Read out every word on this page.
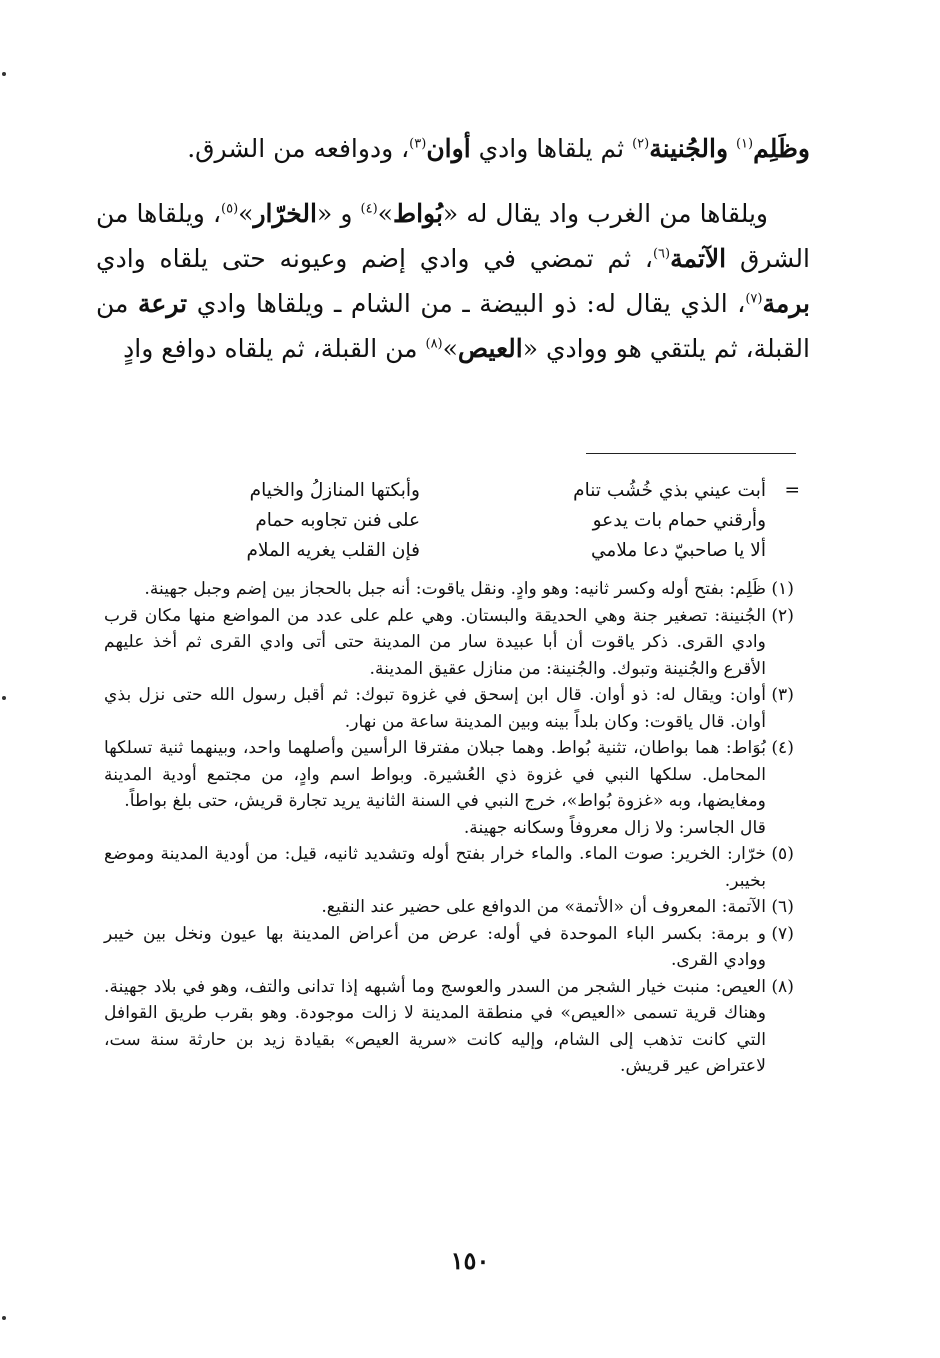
وظَلِم$^{(١)}$ والجُنينة$^{(٢)}$ ثم يلقاها وادي أوان$^{(٣)}$، ودوافعه من الشرق.

ويلقاها من الغرب واد يقال له «بُواط»$^{(٤)}$ و «الخرّار»$^{(٥)}$، ويلقاها من الشرق الآتمة$^{(٦)}$، ثم تمضي في وادي إضم وعيونه حتى يلقاه وادي برمة$^{(٧)}$، الذي يقال له: ذو البيضة ـ من الشام ـ ويلقاها وادي ترعة من القبلة، ثم يلتقي هو ووادي «العيص»$^{(٨)}$ من القبلة، ثم يلقاه دوافع وادٍ

=
أبت عيني بذي خُشُب تنام
وأبكتها المنازلُ والخيام
وأرقني حمام بات يدعو
على فنن تجاوبه حمام
ألا يا صاحبيّ دعا ملامي
فإن القلب يغريه الملام
(١)
ظَلِم: بفتح أوله وكسر ثانيه: وهو وادٍ. ونقل ياقوت: أنه جبل بالحجاز بين إضم وجبل جهينة.
(٢)
الجُنينة: تصغير جنة وهي الحديقة والبستان. وهي علم على عدد من المواضع منها مكان قرب وادي القرى. ذكر ياقوت أن أبا عبيدة سار من المدينة حتى أتى وادي القرى ثم أخذ عليهم الأقرع والجُنينة وتبوك. والجُنينة: من منازل عقيق المدينة.
(٣)
أوان: ويقال له: ذو أوان. قال ابن إسحق في غزوة تبوك: ثم أقبل رسول الله حتى نزل بذي أوان. قال ياقوت: وكان بلداً بينه وبين المدينة ساعة من نهار.
(٤)
بُوَاط: هما بواطان، تثنية بُواط. وهما جبلان مفترقا الرأسين وأصلهما واحد، وبينهما ثنية تسلكها المحامل. سلكها النبي في غزوة ذي العُشيرة. وبواط اسم وادٍ، من مجتمع أودية المدينة ومغايضها، وبه «غزوة بُواط»، خرج النبي في السنة الثانية يريد تجارة قريش، حتى بلغ بواطاً.
قال الجاسر: ولا زال معروفاً وسكانه جهينة.
(٥)
خرّار: الخرير: صوت الماء. والماء خرار بفتح أوله وتشديد ثانيه، قيل: من أودية المدينة وموضع بخيبر.
(٦)
الآتمة: المعروف أن «الأتمة» من الدوافع على حضير عند النقيع.
(٧)
و برمة: بكسر الباء الموحدة في أوله: عرض من أعراض المدينة بها عيون ونخل بين خيبر ووادي القرى.
(٨)
العيص: منبت خيار الشجر من السدر والعوسج وما أشبهه إذا تدانى والتف، وهو في بلاد جهينة. وهناك قرية تسمى «العيص» في منطقة المدينة لا زالت موجودة. وهو بقرب طريق القوافل التي كانت تذهب إلى الشام، وإليه كانت «سرية العيص» بقيادة زيد بن حارثة سنة ست، لاعتراض عير قريش.
١٥٠
